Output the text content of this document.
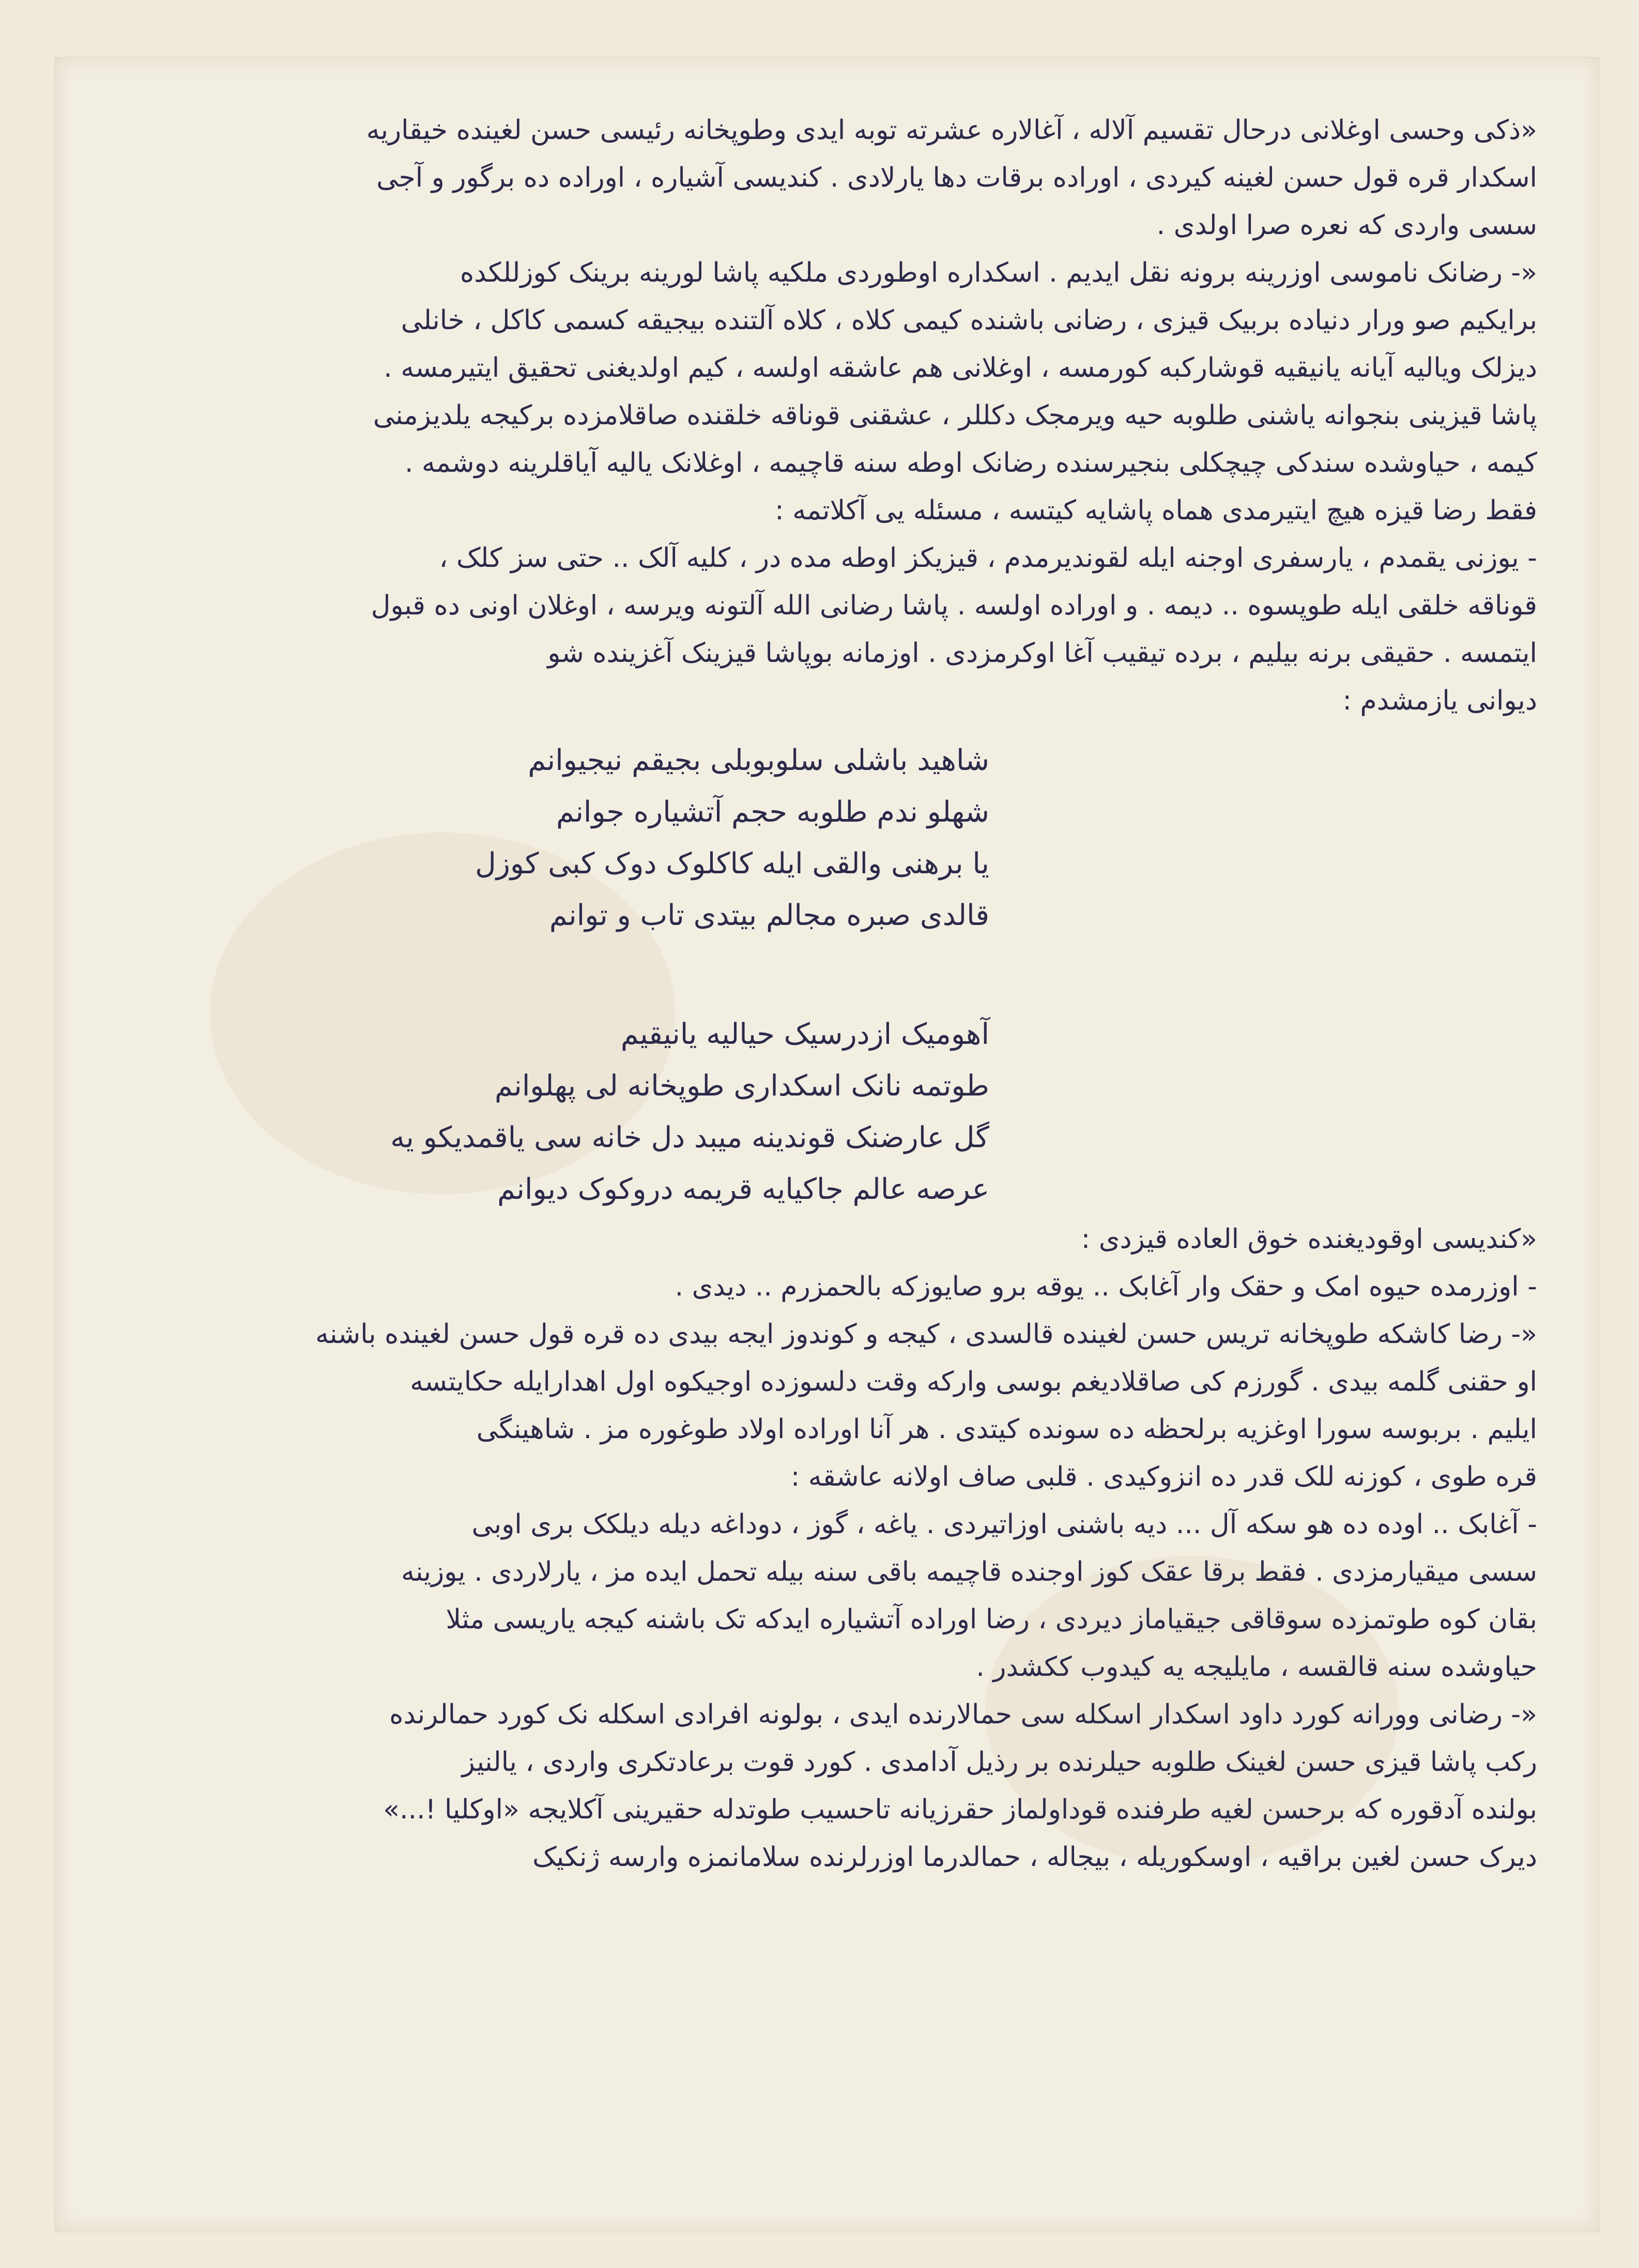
«ذکی وحسی اوغلانی درحال تقسیم آلاله ، آغالاره عشرته توبه ایدی وطوپخانه رئیسی حسن لغینده خیقاریه
اسکدار قره قول حسن لغینه کیردی ، اوراده برقات دها یارلادی . کندیسی آشیاره ، اوراده ده برگور و آجی
سسی واردی که نعره صرا اولدی .
«- رضانک ناموسی اوزرینه برونه نقل ایدیم . اسکداره اوطوردی ملکیه پاشا لورینه برینک کوزللکده
برایکیم صو ورار دنیاده بربیک قیزی ، رضانی باشنده کیمی کلاه ، کلاه آلتنده بیجیقه کسمی کاکل ، خانلی
دیزلک ویالیه آیانه یانیقیه قوشارکبه کورمسه ، اوغلانی هم عاشقه اولسه ، کیم اولدیغنی تحقیق ایتیرمسه .
پاشا قیزینی بنجوانه یاشنی طلوبه حیه ویرمجک دکللر ، عشقنی قوناقه خلقنده صاقلامزده برکیجه یلدیزمنی
کیمه ، حیاوشده سندکی چیچکلی بنجیرسنده رضانک اوطه سنه قاچیمه ، اوغلانک یالیه آیاقلرینه دوشمه .
فقط رضا قیزه هیچ ایتیرمدی هماه پاشایه کیتسه ، مسئله یی آکلاتمه :
- یوزنی یقمدم ، یارسفری اوجنه ایله لقوندیرمدم ، قیزیکز اوطه مده در ، کلیه آلک .. حتی سز کلک ،
قوناقه خلقی ایله طوپسوه .. دیمه . و اوراده اولسه . پاشا رضانی الله آلتونه ویرسه ، اوغلان اونی ده قبول
ایتمسه . حقیقی برنه بیلیم ، برده تیقیب آغا اوکرمزدی . اوزمانه بوپاشا قیزینک آغزینده شو
دیوانی یازمشدم :
شاهید باشلی سلوبوبلی بجیقم نیجیوانم
شهلو ندم طلوبه حجم آتشیاره جوانم
یا برهنی والقی ایله کاکلوک دوک کبی کوزل
قالدی صبره مجالم بیتدی تاب و توانم
آهومیک ازدرسیک حیالیه یانیقیم
طوتمه نانک اسکداری طوپخانه لی پهلوانم
گل عارضنک قوندینه میبد دل خانه سی یاقمدیکو یه
عرصه عالم جاکیایه قریمه دروکوک دیوانم
«کندیسی اوقودیغنده خوق العاده قیزدی :
- اوزرمده حیوه امک و حقک وار آغابک .. یوقه برو صایوزکه بالحمزرم .. دیدی .
«- رضا کاشکه طوپخانه تریس حسن لغینده قالسدی ، کیجه و کوندوز ایجه بیدی ده قره قول حسن لغینده باشنه
او حقنی گلمه بیدی . گورزم کی صاقلادیغم بوسی وارکه وقت دلسوزده اوجیکوه اول اهدارایله حکایتسه
ایلیم . بربوسه سورا اوغزیه برلحظه ده سونده کیتدی . هر آنا اوراده اولاد طوغوره مز . شاهینگی
قره طوی ، کوزنه للک قدر ده انزوکیدی . قلبی صاف اولانه عاشقه :
- آغابک .. اوده ده هو سکه آل ... دیه باشنی اوزاتیردی . یاغه ، گوز ، دوداغه دیله دیلکک بری اوبی
سسی میقیارمزدی . فقط برقا عقک کوز اوجنده قاچیمه باقی سنه بیله تحمل ایده مز ، یارلاردی . یوزینه
بقان کوه طوتمزده سوقاقی جیقیاماز دیردی ، رضا اوراده آتشیاره ایدکه تک باشنه کیجه یاریسی مثلا
حیاوشده سنه قالقسه ، مایلیجه یه کیدوب ککشدر .
«- رضانی وورانه کورد داود اسکدار اسکله سی حمالارنده ایدی ، بولونه افرادی اسکله نک کورد حمالرنده
رکب پاشا قیزی حسن لغینک طلوبه حیلرنده بر رذیل آدامدی . کورد قوت برعادتکری واردی ، یالنیز
بولنده آدقوره که برحسن لغیه طرفنده قوداولماز حقرزیانه تاحسیب طوتدله حقیرینی آکلایجه «اوکلیا !...»
دیرک حسن لغین براقیه ، اوسکوریله ، بیجاله ، حمالدرما اوزرلرنده سلامانمزه وارسه ژنکیک
